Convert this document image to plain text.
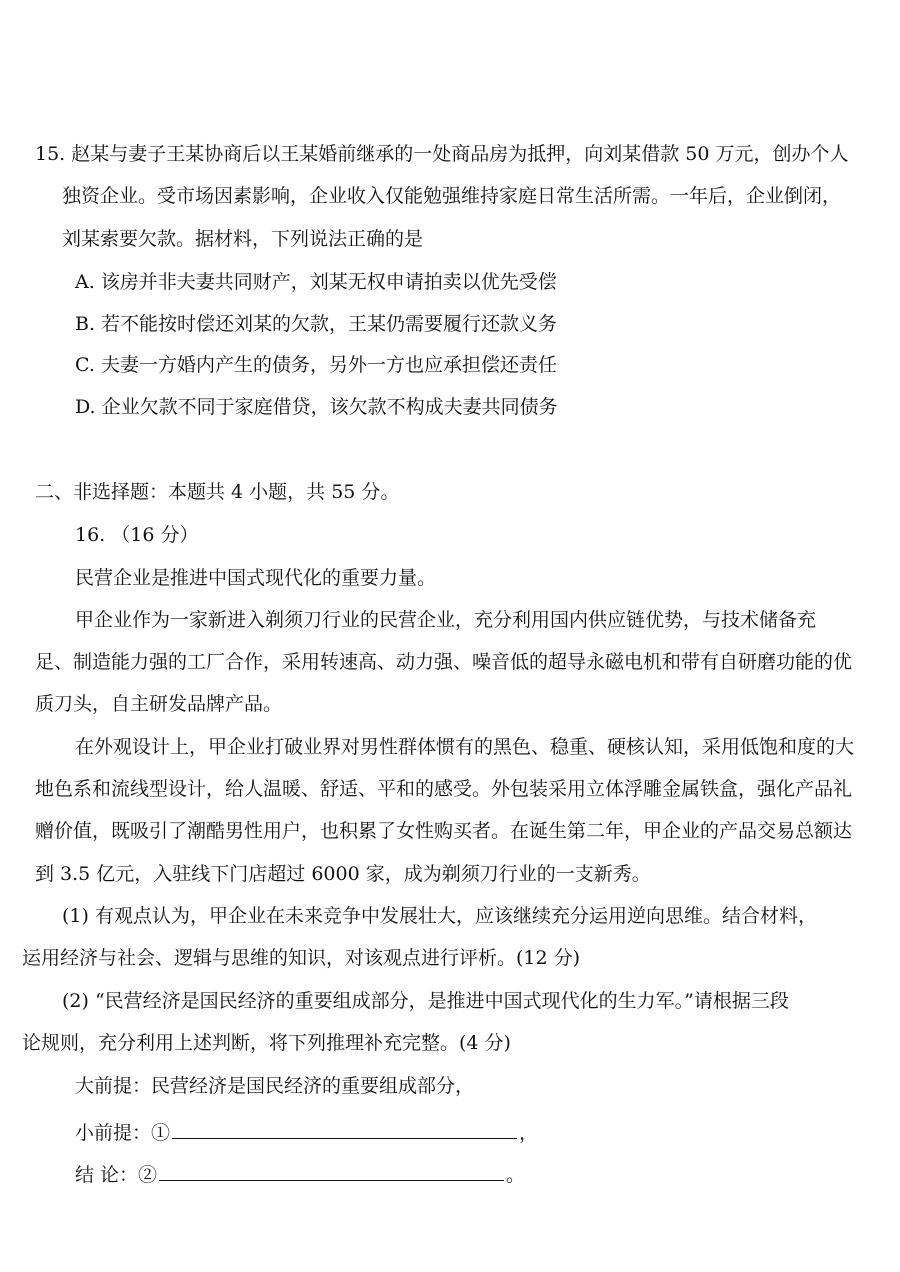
15. 赵某与妻子王某协商后以王某婚前继承的一处商品房为抵押，向刘某借款 50 万元，创办个人
独资企业。受市场因素影响，企业收入仅能勉强维持家庭日常生活所需。一年后，企业倒闭，
刘某索要欠款。据材料，下列说法正确的是
A. 该房并非夫妻共同财产，刘某无权申请拍卖以优先受偿
B. 若不能按时偿还刘某的欠款，王某仍需要履行还款义务
C. 夫妻一方婚内产生的债务，另外一方也应承担偿还责任
D. 企业欠款不同于家庭借贷，该欠款不构成夫妻共同债务
二、非选择题：本题共 4 小题，共 55 分。
16. （16 分）
民营企业是推进中国式现代化的重要力量。
甲企业作为一家新进入剃须刀行业的民营企业，充分利用国内供应链优势，与技术储备充
足、制造能力强的工厂合作，采用转速高、动力强、噪音低的超导永磁电机和带有自研磨功能的优
质刀头，自主研发品牌产品。
在外观设计上，甲企业打破业界对男性群体惯有的黑色、稳重、硬核认知，采用低饱和度的大
地色系和流线型设计，给人温暖、舒适、平和的感受。外包装采用立体浮雕金属铁盒，强化产品礼
赠价值，既吸引了潮酷男性用户，也积累了女性购买者。在诞生第二年，甲企业的产品交易总额达
到 3.5 亿元，入驻线下门店超过 6000 家，成为剃须刀行业的一支新秀。
(1) 有观点认为，甲企业在未来竞争中发展壮大，应该继续充分运用逆向思维。结合材料，
运用经济与社会、逻辑与思维的知识，对该观点进行评析。(12 分)
(2) “民营经济是国民经济的重要组成部分，是推进中国式现代化的生力军。”请根据三段
论规则，充分利用上述判断，将下列推理补充完整。(4 分)
大前提：民营经济是国民经济的重要组成部分，
小前提：①	，
结 论：②	。
